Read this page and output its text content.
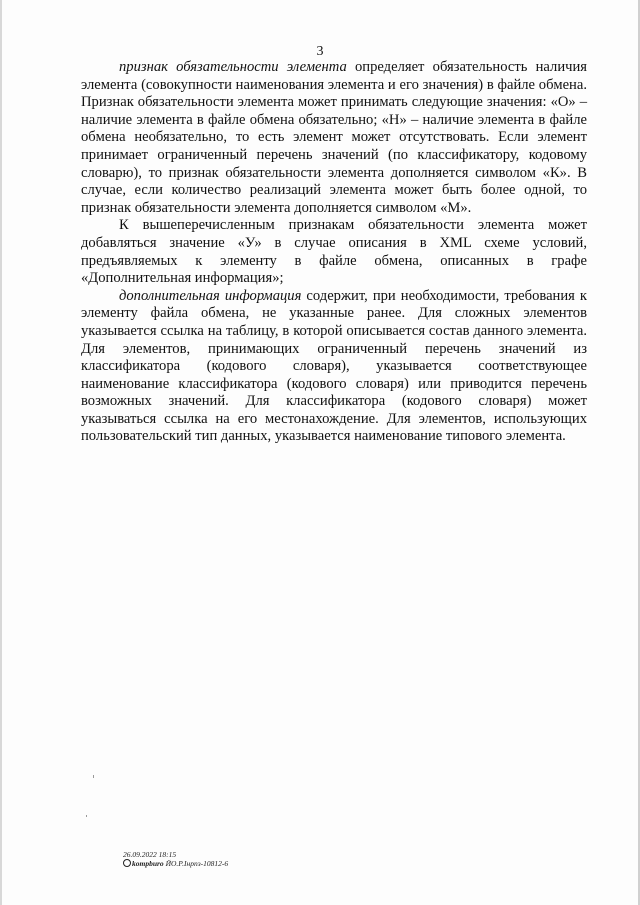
3

признак обязательности элемента определяет обязательность наличия элемента (совокупности наименования элемента и его значения) в файле обмена. Признак обязательности элемента может принимать следующие значения: «О» – наличие элемента в файле обмена обязательно; «Н» – наличие элемента в файле обмена необязательно, то есть элемент может отсутствовать. Если элемент принимает ограниченный перечень значений (по классификатору, кодовому словарю), то признак обязательности элемента дополняется символом «К». В случае, если количество реализаций элемента может быть более одной, то признак обязательности элемента дополняется символом «М».

К вышеперечисленным признакам обязательности элемента может добавляться значение «У» в случае описания в XML схеме условий, предъявляемых к элементу в файле обмена, описанных в графе «Дополнительная информация»;

дополнительная информация содержит, при необходимости, требования к элементу файла обмена, не указанные ранее. Для сложных элементов указывается ссылка на таблицу, в которой описывается состав данного элемента. Для элементов, принимающих ограниченный перечень значений из классификатора (кодового словаря), указывается соответствующее наименование классификатора (кодового словаря) или приводится перечень возможных значений. Для классификатора (кодового словаря) может указываться ссылка на его местонахождение. Для элементов, использующих пользовательский тип данных, указывается наименование типового элемента.

26.09.2022 18:15
kompburo ЙО.Р.Інрпз-10812-6
